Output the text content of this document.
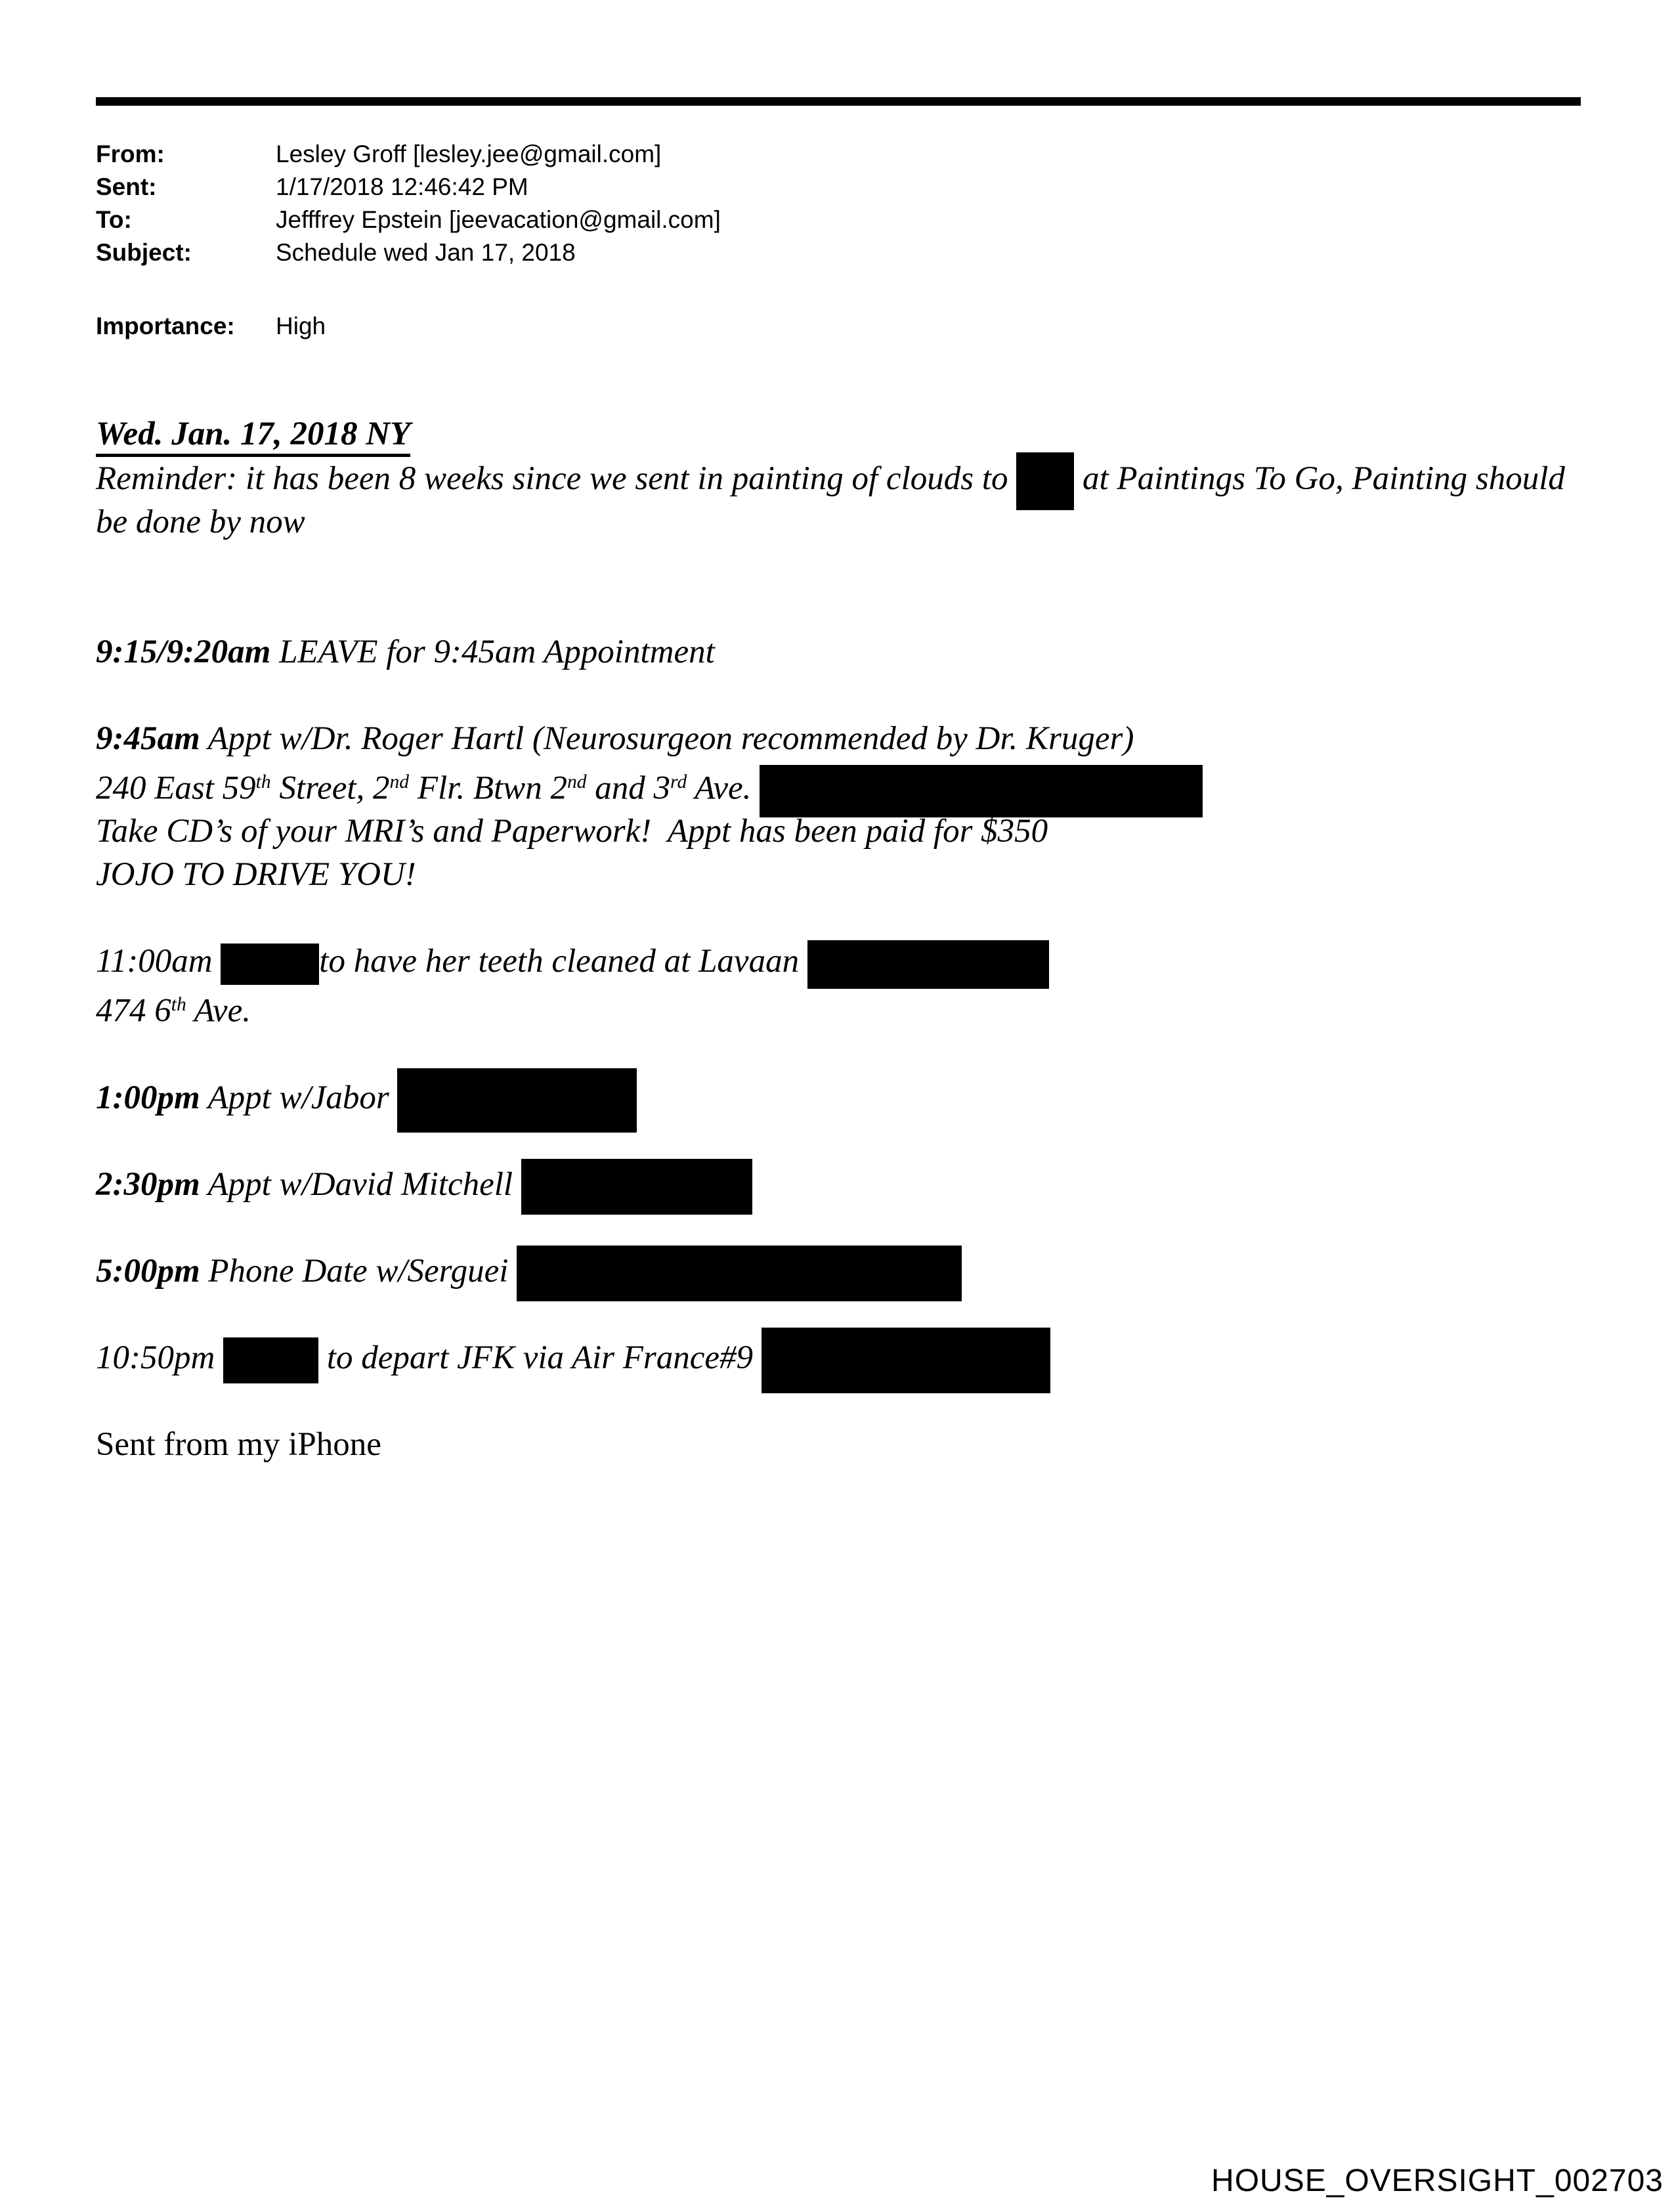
From:	Lesley Groff [lesley.jee@gmail.com]
Sent:	1/17/2018 12:46:42 PM
To:	Jefffrey Epstein [jeevacation@gmail.com]
Subject:	Schedule wed Jan 17, 2018
Importance: High
Wed. Jan. 17, 2018 NY
Reminder: it has been 8 weeks since we sent in painting of clouds to  at Paintings To Go, Painting should
be done by now
9:15/9:20am LEAVE for 9:45am Appointment
9:45am Appt w/Dr. Roger Hartl (Neurosurgeon recommended by Dr. Kruger)
240 East 59th Street, 2nd Flr. Btwn 2nd and 3rd Ave.
Take CD’s of your MRI’s and Paperwork!  Appt has been paid for $350
JOJO TO DRIVE YOU!
11:00am	to have her teeth cleaned at Lavaan
474 6th Ave.
1:00pm Appt w/Jabor
2:30pm Appt w/David Mitchell
5:00pm Phone Date w/Serguei
10:50pm	to depart JFK via Air France#9
Sent from my iPhone
HOUSE_OVERSIGHT_002703
